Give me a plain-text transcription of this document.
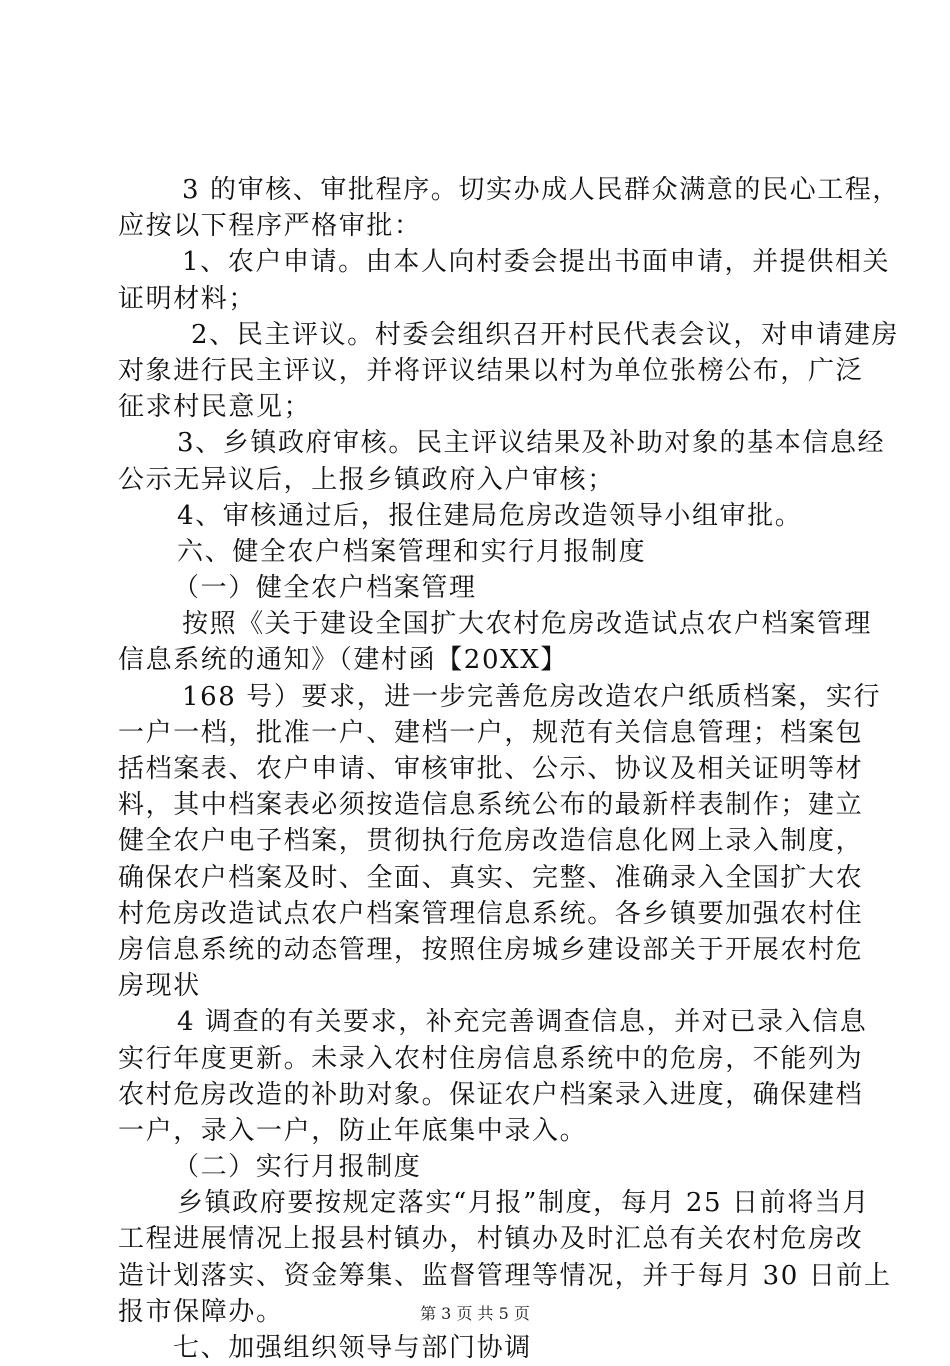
3 的审核、审批程序。切实办成人民群众满意的民心工程，
应按以下程序严格审批：
1、农户申请。由本人向村委会提出书面申请，并提供相关
证明材料；
2、民主评议。村委会组织召开村民代表会议，对申请建房
对象进行民主评议，并将评议结果以村为单位张榜公布，广泛
征求村民意见；
3、乡镇政府审核。民主评议结果及补助对象的基本信息经
公示无异议后，上报乡镇政府入户审核；
4、审核通过后，报住建局危房改造领导小组审批。
六、健全农户档案管理和实行月报制度
（一）健全农户档案管理
按照《关于建设全国扩大农村危房改造试点农户档案管理
信息系统的通知》（建村函【20XX】
168 号）要求，进一步完善危房改造农户纸质档案，实行
一户一档，批准一户、建档一户，规范有关信息管理；档案包
括档案表、农户申请、审核审批、公示、协议及相关证明等材
料，其中档案表必须按造信息系统公布的最新样表制作；建立
健全农户电子档案，贯彻执行危房改造信息化网上录入制度，
确保农户档案及时、全面、真实、完整、准确录入全国扩大农
村危房改造试点农户档案管理信息系统。各乡镇要加强农村住
房信息系统的动态管理，按照住房城乡建设部关于开展农村危
房现状
4 调查的有关要求，补充完善调查信息，并对已录入信息
实行年度更新。未录入农村住房信息系统中的危房，不能列为
农村危房改造的补助对象。保证农户档案录入进度，确保建档
一户，录入一户，防止年底集中录入。
（二）实行月报制度
乡镇政府要按规定落实“月报”制度，每月 25 日前将当月
工程进展情况上报县村镇办，村镇办及时汇总有关农村危房改
造计划落实、资金筹集、监督管理等情况，并于每月 30 日前上
报市保障办。
七、加强组织领导与部门协调
第 3 页 共 5 页
